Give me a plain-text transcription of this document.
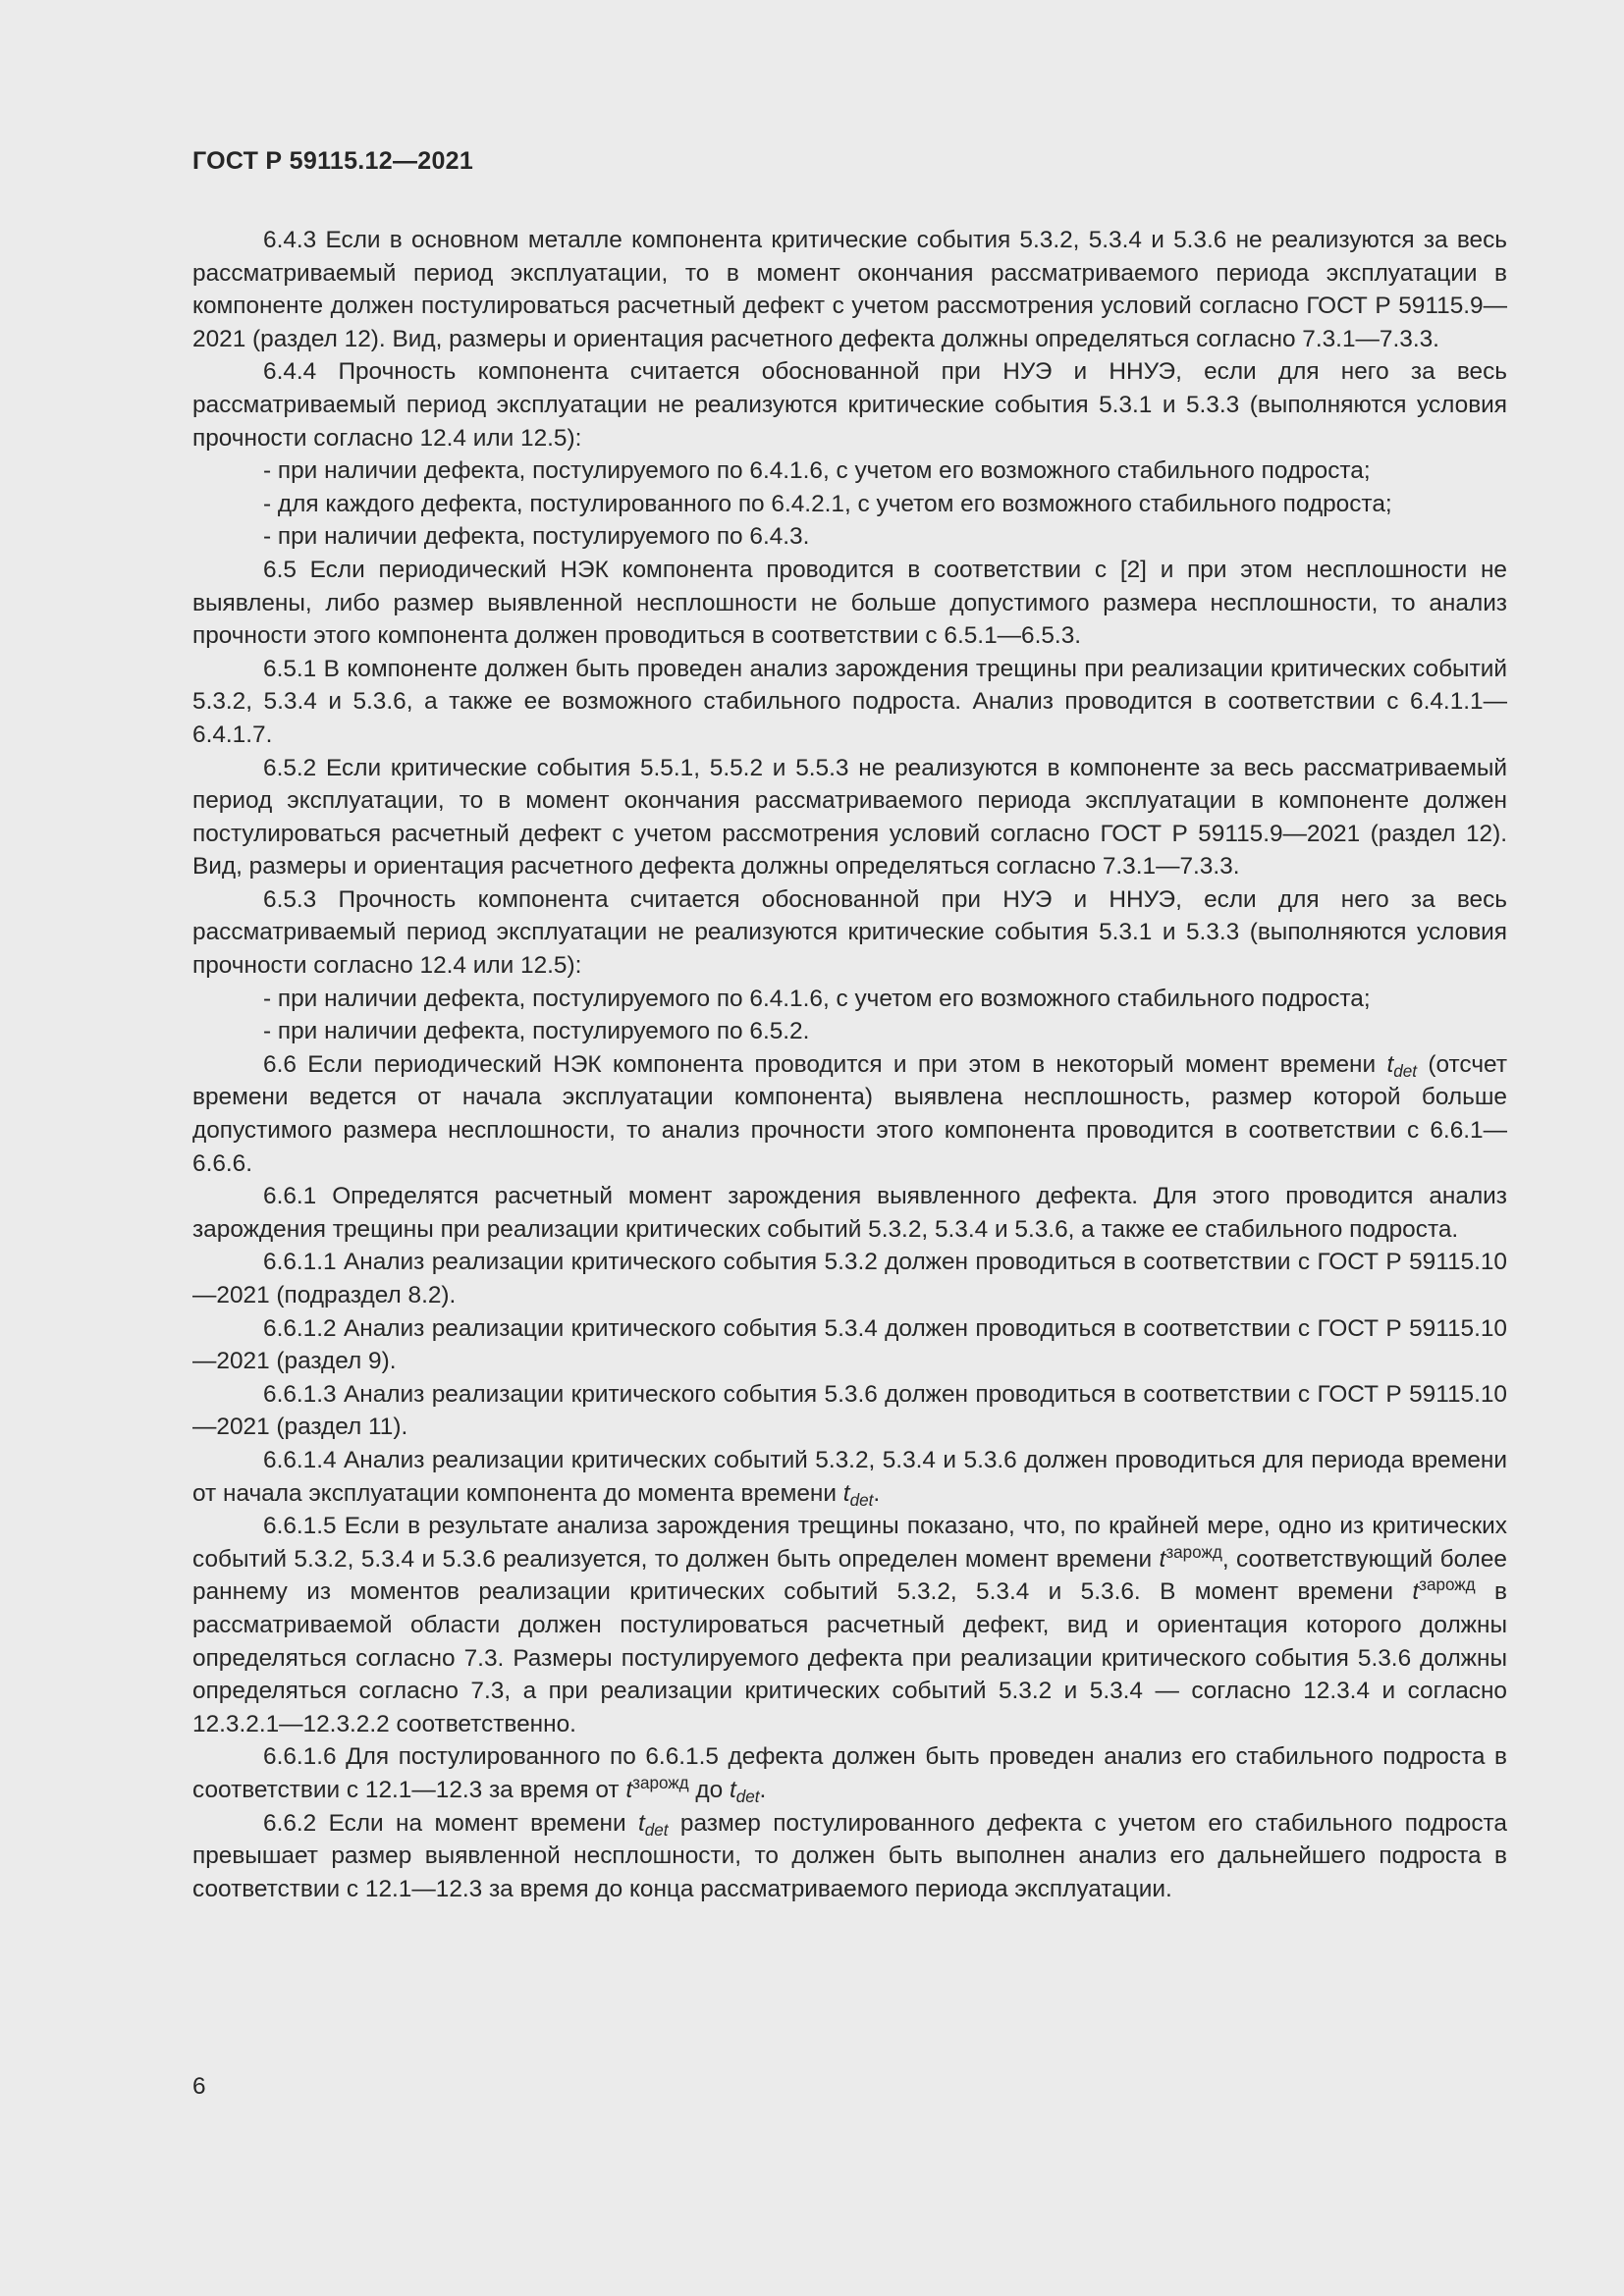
ГОСТ Р 59115.12—2021

6.4.3 Если в основном металле компонента критические события 5.3.2, 5.3.4 и 5.3.6 не реализуются за весь рассматриваемый период эксплуатации, то в момент окончания рассматриваемого периода эксплуатации в компоненте должен постулироваться расчетный дефект с учетом рассмотрения условий согласно ГОСТ Р 59115.9—2021 (раздел 12). Вид, размеры и ориентация расчетного дефекта должны определяться согласно 7.3.1—7.3.3.

6.4.4 Прочность компонента считается обоснованной при НУЭ и ННУЭ, если для него за весь рассматриваемый период эксплуатации не реализуются критические события 5.3.1 и 5.3.3 (выполняются условия прочности согласно 12.4 или 12.5):

- при наличии дефекта, постулируемого по 6.4.1.6, с учетом его возможного стабильного подроста;

- для каждого дефекта, постулированного по 6.4.2.1, с учетом его возможного стабильного подроста;

- при наличии дефекта, постулируемого по 6.4.3.

6.5 Если периодический НЭК компонента проводится в соответствии с [2] и при этом несплошности не выявлены, либо размер выявленной несплошности не больше допустимого размера несплошности, то анализ прочности этого компонента должен проводиться в соответствии с 6.5.1—6.5.3.

6.5.1 В компоненте должен быть проведен анализ зарождения трещины при реализации критических событий 5.3.2, 5.3.4 и 5.3.6, а также ее возможного стабильного подроста. Анализ проводится в соответствии с 6.4.1.1—6.4.1.7.

6.5.2 Если критические события 5.5.1, 5.5.2 и 5.5.3 не реализуются в компоненте за весь рассматриваемый период эксплуатации, то в момент окончания рассматриваемого периода эксплуатации в компоненте должен постулироваться расчетный дефект с учетом рассмотрения условий согласно ГОСТ Р 59115.9—2021 (раздел 12). Вид, размеры и ориентация расчетного дефекта должны определяться согласно 7.3.1—7.3.3.

6.5.3 Прочность компонента считается обоснованной при НУЭ и ННУЭ, если для него за весь рассматриваемый период эксплуатации не реализуются критические события 5.3.1 и 5.3.3 (выполняются условия прочности согласно 12.4 или 12.5):

- при наличии дефекта, постулируемого по 6.4.1.6, с учетом его возможного стабильного подроста;

- при наличии дефекта, постулируемого по 6.5.2.

6.6 Если периодический НЭК компонента проводится и при этом в некоторый момент времени $t_{det}$ (отсчет времени ведется от начала эксплуатации компонента) выявлена несплошность, размер которой больше допустимого размера несплошности, то анализ прочности этого компонента проводится в соответствии с 6.6.1—6.6.6.

6.6.1 Определятся расчетный момент зарождения выявленного дефекта. Для этого проводится анализ зарождения трещины при реализации критических событий 5.3.2, 5.3.4 и 5.3.6, а также ее стабильного подроста.

6.6.1.1 Анализ реализации критического события 5.3.2 должен проводиться в соответствии с ГОСТ Р 59115.10—2021 (подраздел 8.2).

6.6.1.2 Анализ реализации критического события 5.3.4 должен проводиться в соответствии с ГОСТ Р 59115.10—2021 (раздел 9).

6.6.1.3 Анализ реализации критического события 5.3.6 должен проводиться в соответствии с ГОСТ Р 59115.10—2021 (раздел 11).

6.6.1.4 Анализ реализации критических событий 5.3.2, 5.3.4 и 5.3.6 должен проводиться для периода времени от начала эксплуатации компонента до момента времени $t_{det}$.

6.6.1.5 Если в результате анализа зарождения трещины показано, что, по крайней мере, одно из критических событий 5.3.2, 5.3.4 и 5.3.6 реализуется, то должен быть определен момент времени $t^{зарожд}$, соответствующий более раннему из моментов реализации критических событий 5.3.2, 5.3.4 и 5.3.6. В момент времени $t^{зарожд}$ в рассматриваемой области должен постулироваться расчетный дефект, вид и ориентация которого должны определяться согласно 7.3. Размеры постулируемого дефекта при реализации критического события 5.3.6 должны определяться согласно 7.3, а при реализации критических событий 5.3.2 и 5.3.4 — согласно 12.3.4 и согласно 12.3.2.1—12.3.2.2 соответственно.

6.6.1.6 Для постулированного по 6.6.1.5 дефекта должен быть проведен анализ его стабильного подроста в соответствии с 12.1—12.3 за время от $t^{зарожд}$ до $t_{det}$.

6.6.2 Если на момент времени $t_{det}$ размер постулированного дефекта с учетом его стабильного подроста превышает размер выявленной несплошности, то должен быть выполнен анализ его дальнейшего подроста в соответствии с 12.1—12.3 за время до конца рассматриваемого периода эксплуатации.

6
